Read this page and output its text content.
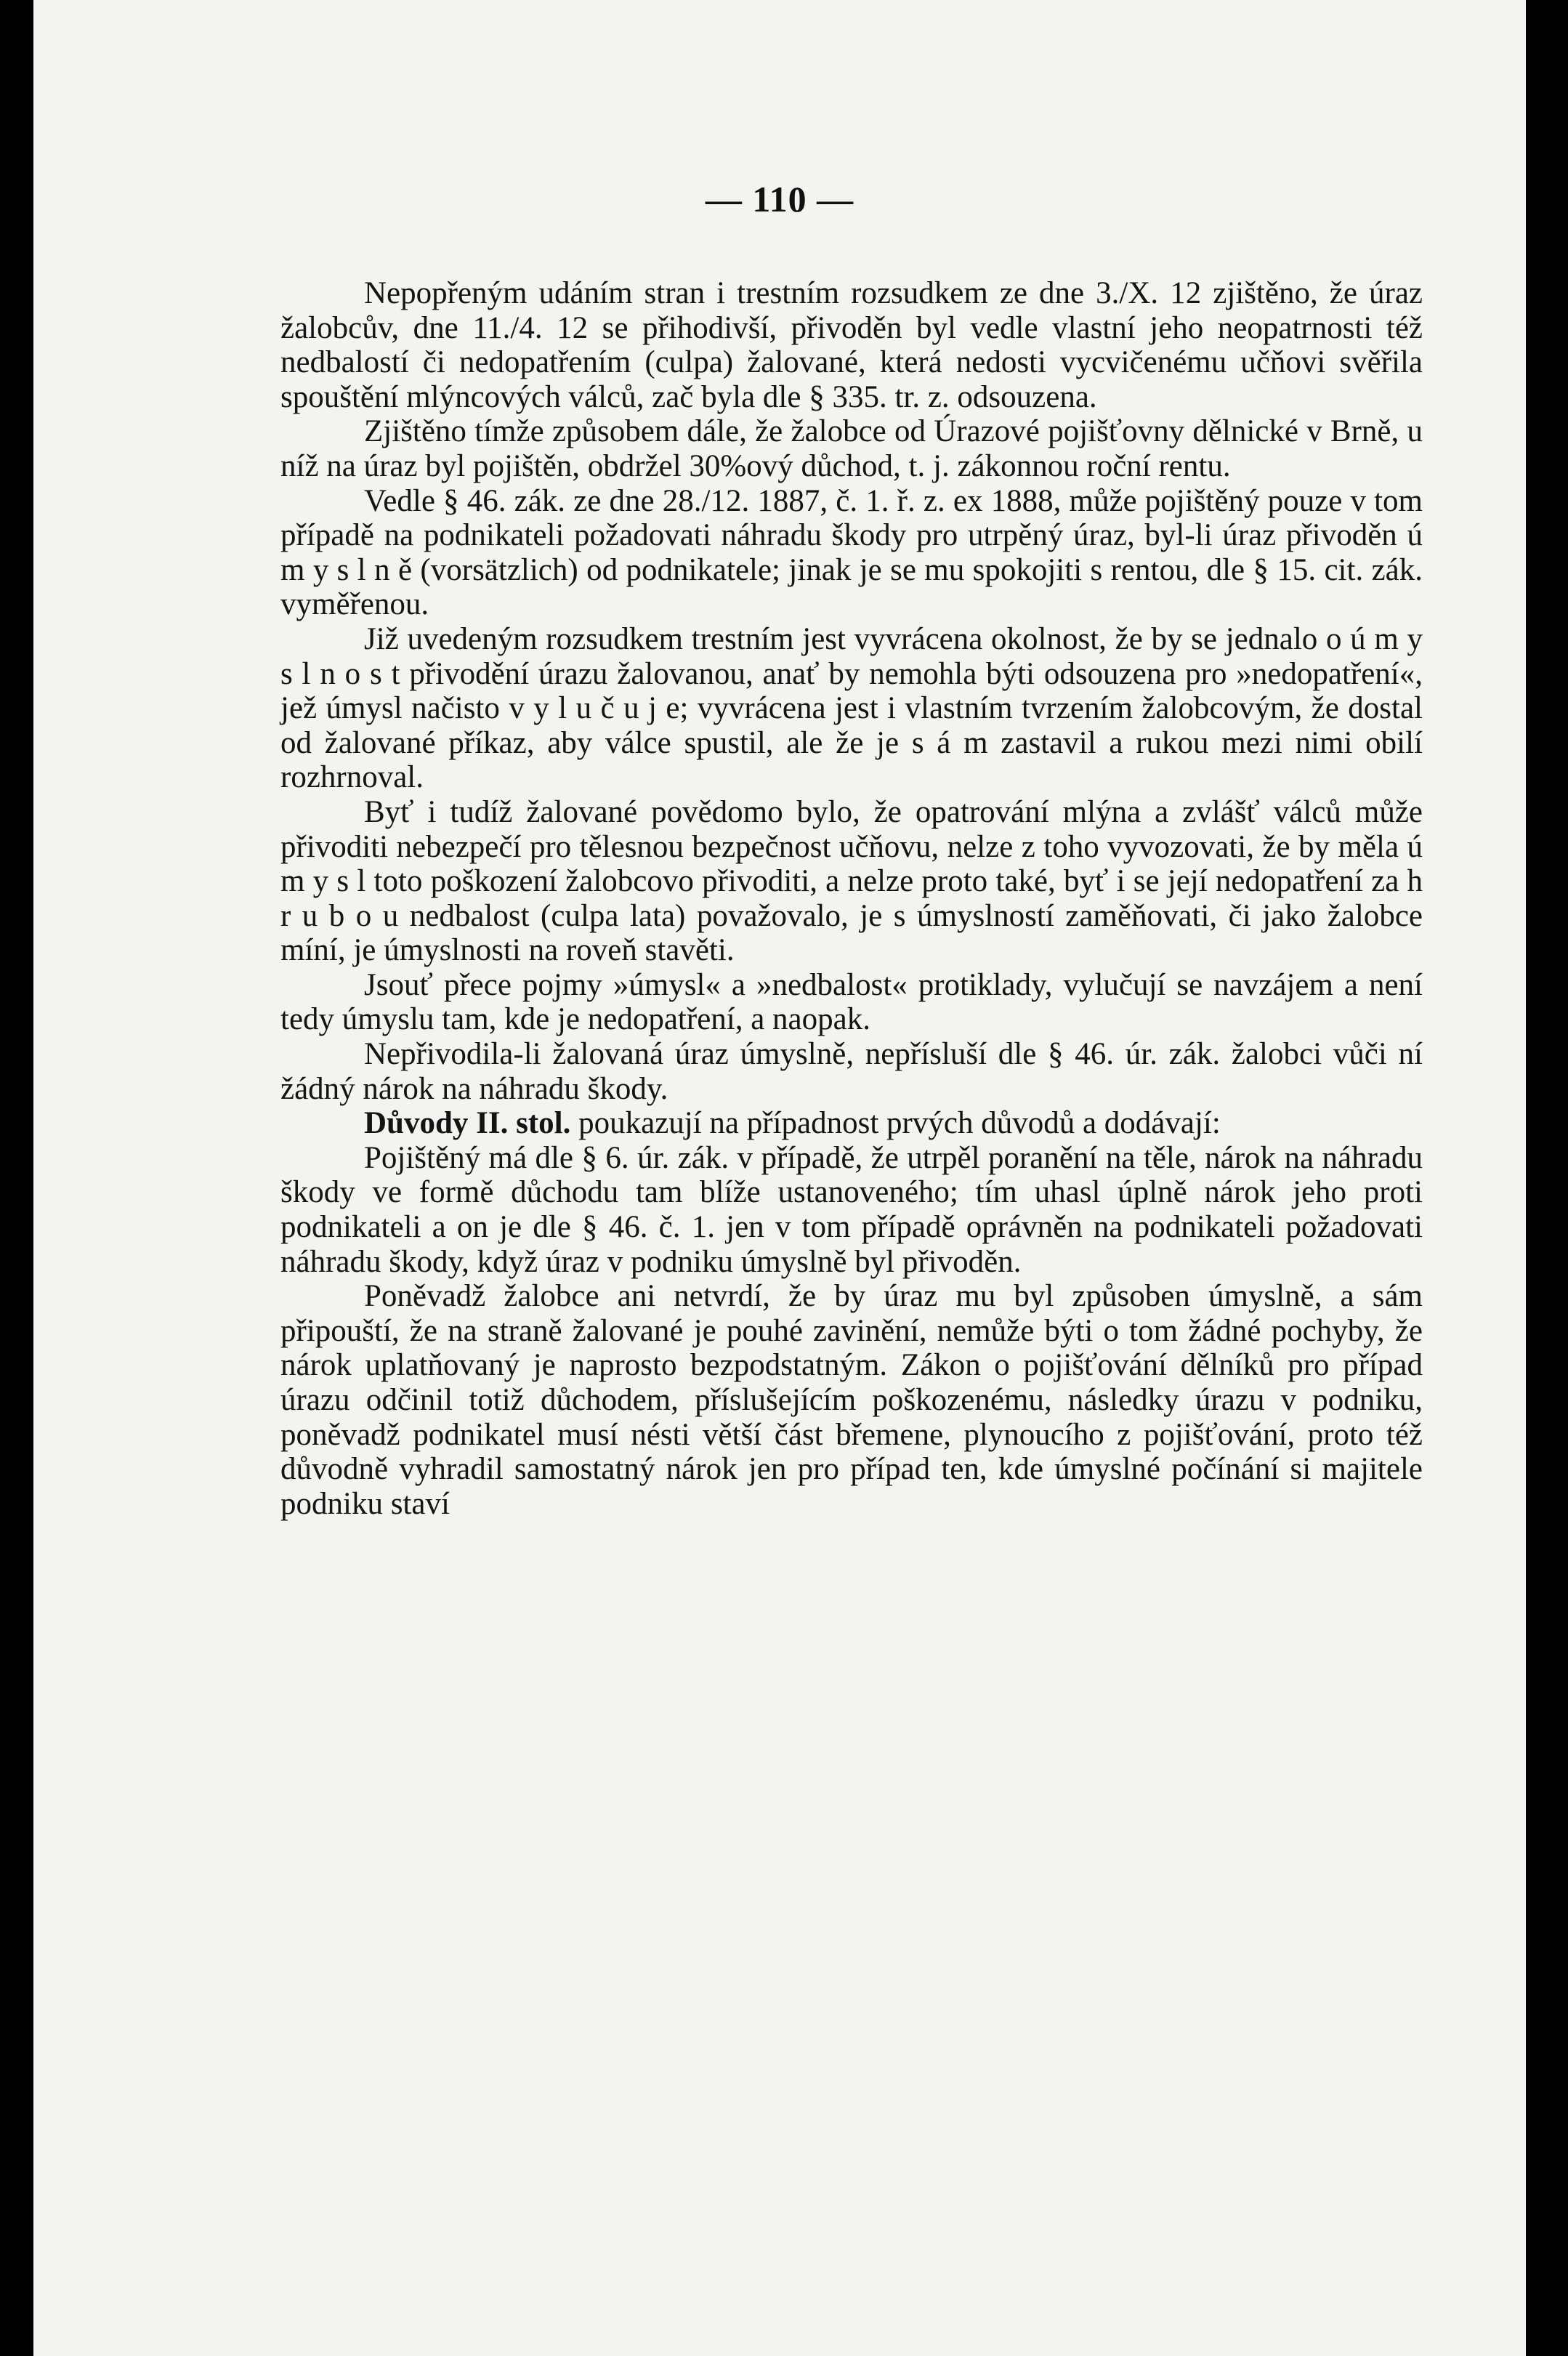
— 110 —

Nepopřeným udáním stran i trestním rozsudkem ze dne 3./X. 12 zjištěno, že úraz žalobcův, dne 11./4. 12 se přihodivší, přivoděn byl vedle vlastní jeho neopatrnosti též nedbalostí či nedopatřením (culpa) žalované, která nedosti vycvičenému učňovi svěřila spouštění mlýncových válců, zač byla dle § 335. tr. z. odsouzena.

Zjištěno tímže způsobem dále, že žalobce od Úrazové pojišťovny dělnické v Brně, u níž na úraz byl pojištěn, obdržel 30%ový důchod, t. j. zákonnou roční rentu.

Vedle § 46. zák. ze dne 28./12. 1887, č. 1. ř. z. ex 1888, může pojištěný pouze v tom případě na podnikateli požadovati náhradu škody pro utrpěný úraz, byl-li úraz přivoděn ú m y s l n ě (vorsätzlich) od podnikatele; jinak je se mu spokojiti s rentou, dle § 15. cit. zák. vyměřenou.

Již uvedeným rozsudkem trestním jest vyvrácena okolnost, že by se jednalo o ú m y s l n o s t přivodění úrazu žalovanou, anať by nemohla býti odsouzena pro »nedopatření«, jež úmysl načisto v y l u č u j e; vyvrácena jest i vlastním tvrzením žalobcovým, že dostal od žalované příkaz, aby válce spustil, ale že je s á m zastavil a rukou mezi nimi obilí rozhrnoval.

Byť i tudíž žalované povědomo bylo, že opatrování mlýna a zvlášť válců může přivoditi nebezpečí pro tělesnou bezpečnost učňovu, nelze z toho vyvozovati, že by měla ú m y s l toto poškození žalobcovo přivoditi, a nelze proto také, byť i se její nedopatření za h r u b o u nedbalost (culpa lata) považovalo, je s úmyslností zaměňovati, či jako žalobce míní, je úmyslnosti na roveň stavěti.

Jsouť přece pojmy »úmysl« a »nedbalost« protiklady, vylučují se navzájem a není tedy úmyslu tam, kde je nedopatření, a naopak.

Nepřivodila-li žalovaná úraz úmyslně, nepřísluší dle § 46. úr. zák. žalobci vůči ní žádný nárok na náhradu škody.

Důvody II. stol. poukazují na případnost prvých důvodů a dodávají:

Pojištěný má dle § 6. úr. zák. v případě, že utrpěl poranění na těle, nárok na náhradu škody ve formě důchodu tam blíže ustanoveného; tím uhasl úplně nárok jeho proti podnikateli a on je dle § 46. č. 1. jen v tom případě oprávněn na podnikateli požadovati náhradu škody, když úraz v podniku úmyslně byl přivoděn.

Poněvadž žalobce ani netvrdí, že by úraz mu byl způsoben úmyslně, a sám připouští, že na straně žalované je pouhé zavinění, nemůže býti o tom žádné pochyby, že nárok uplatňovaný je naprosto bezpodstatným. Zákon o pojišťování dělníků pro případ úrazu odčinil totiž důchodem, příslušejícím poškozenému, následky úrazu v podniku, poněvadž podnikatel musí nésti větší část břemene, plynoucího z pojišťování, proto též důvodně vyhradil samostatný nárok jen pro případ ten, kde úmyslné počínání si majitele podniku staví
